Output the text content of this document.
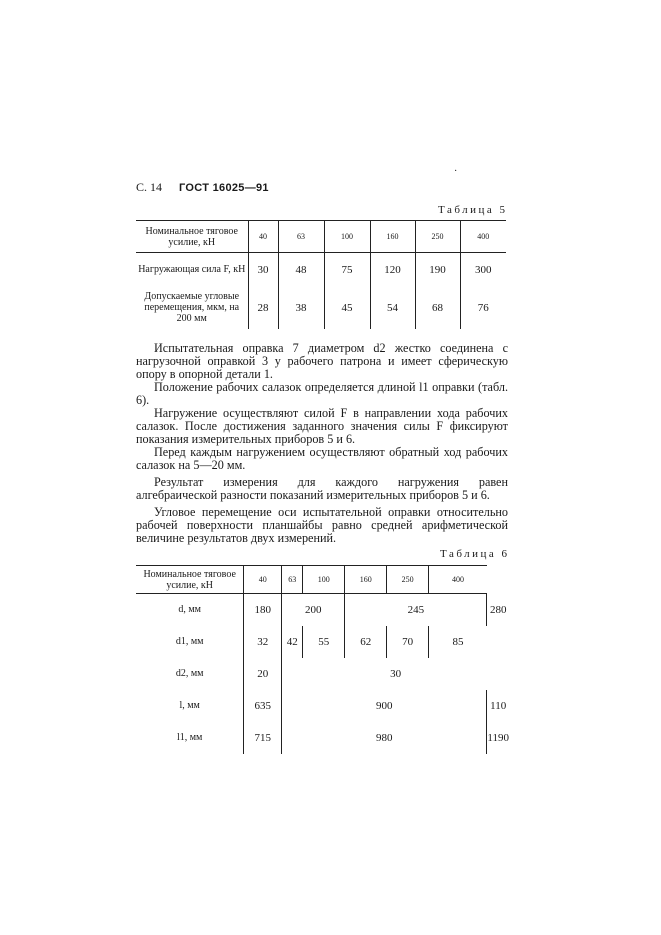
С. 14 ГОСТ 16025—91
·
Таблица 5
Номинальное тяговое усилие, кН	40	63	100	160	250	400
Нагружающая сила F, кН	30	48	75	120	190	300
Допускаемые угловые перемещения, мкм, на 200 мм	28	38	45	54	68	76

Испытательная оправка 7 диаметром d2 жестко соединена с нагрузочной оправкой 3 у рабочего патрона и имеет сферическую опору в опорной детали 1.

Положение рабочих салазок определяется длиной l1 оправки (табл. 6).

Нагружение осуществляют силой F в направлении хода рабочих салазок. После достижения заданного значения силы F фиксируют показания измерительных приборов 5 и 6.

Перед каждым нагружением осуществляют обратный ход рабочих салазок на 5—20 мм.

Результат измерения для каждого нагружения равен алгебраической разности показаний измерительных приборов 5 и 6.

Угловое перемещение оси испытательной оправки относительно рабочей поверхности планшайбы равно средней арифметической величине результатов двух измерений.

Таблица 6
Номинальное тяговое усилие, кН	40	63	100	160	250	400	
d, мм	180	200		245			280
d1, мм	32	42	55	62	70	85	
d2, мм	20	30					
l, мм	635	900					110
l1, мм	715	980					1190
